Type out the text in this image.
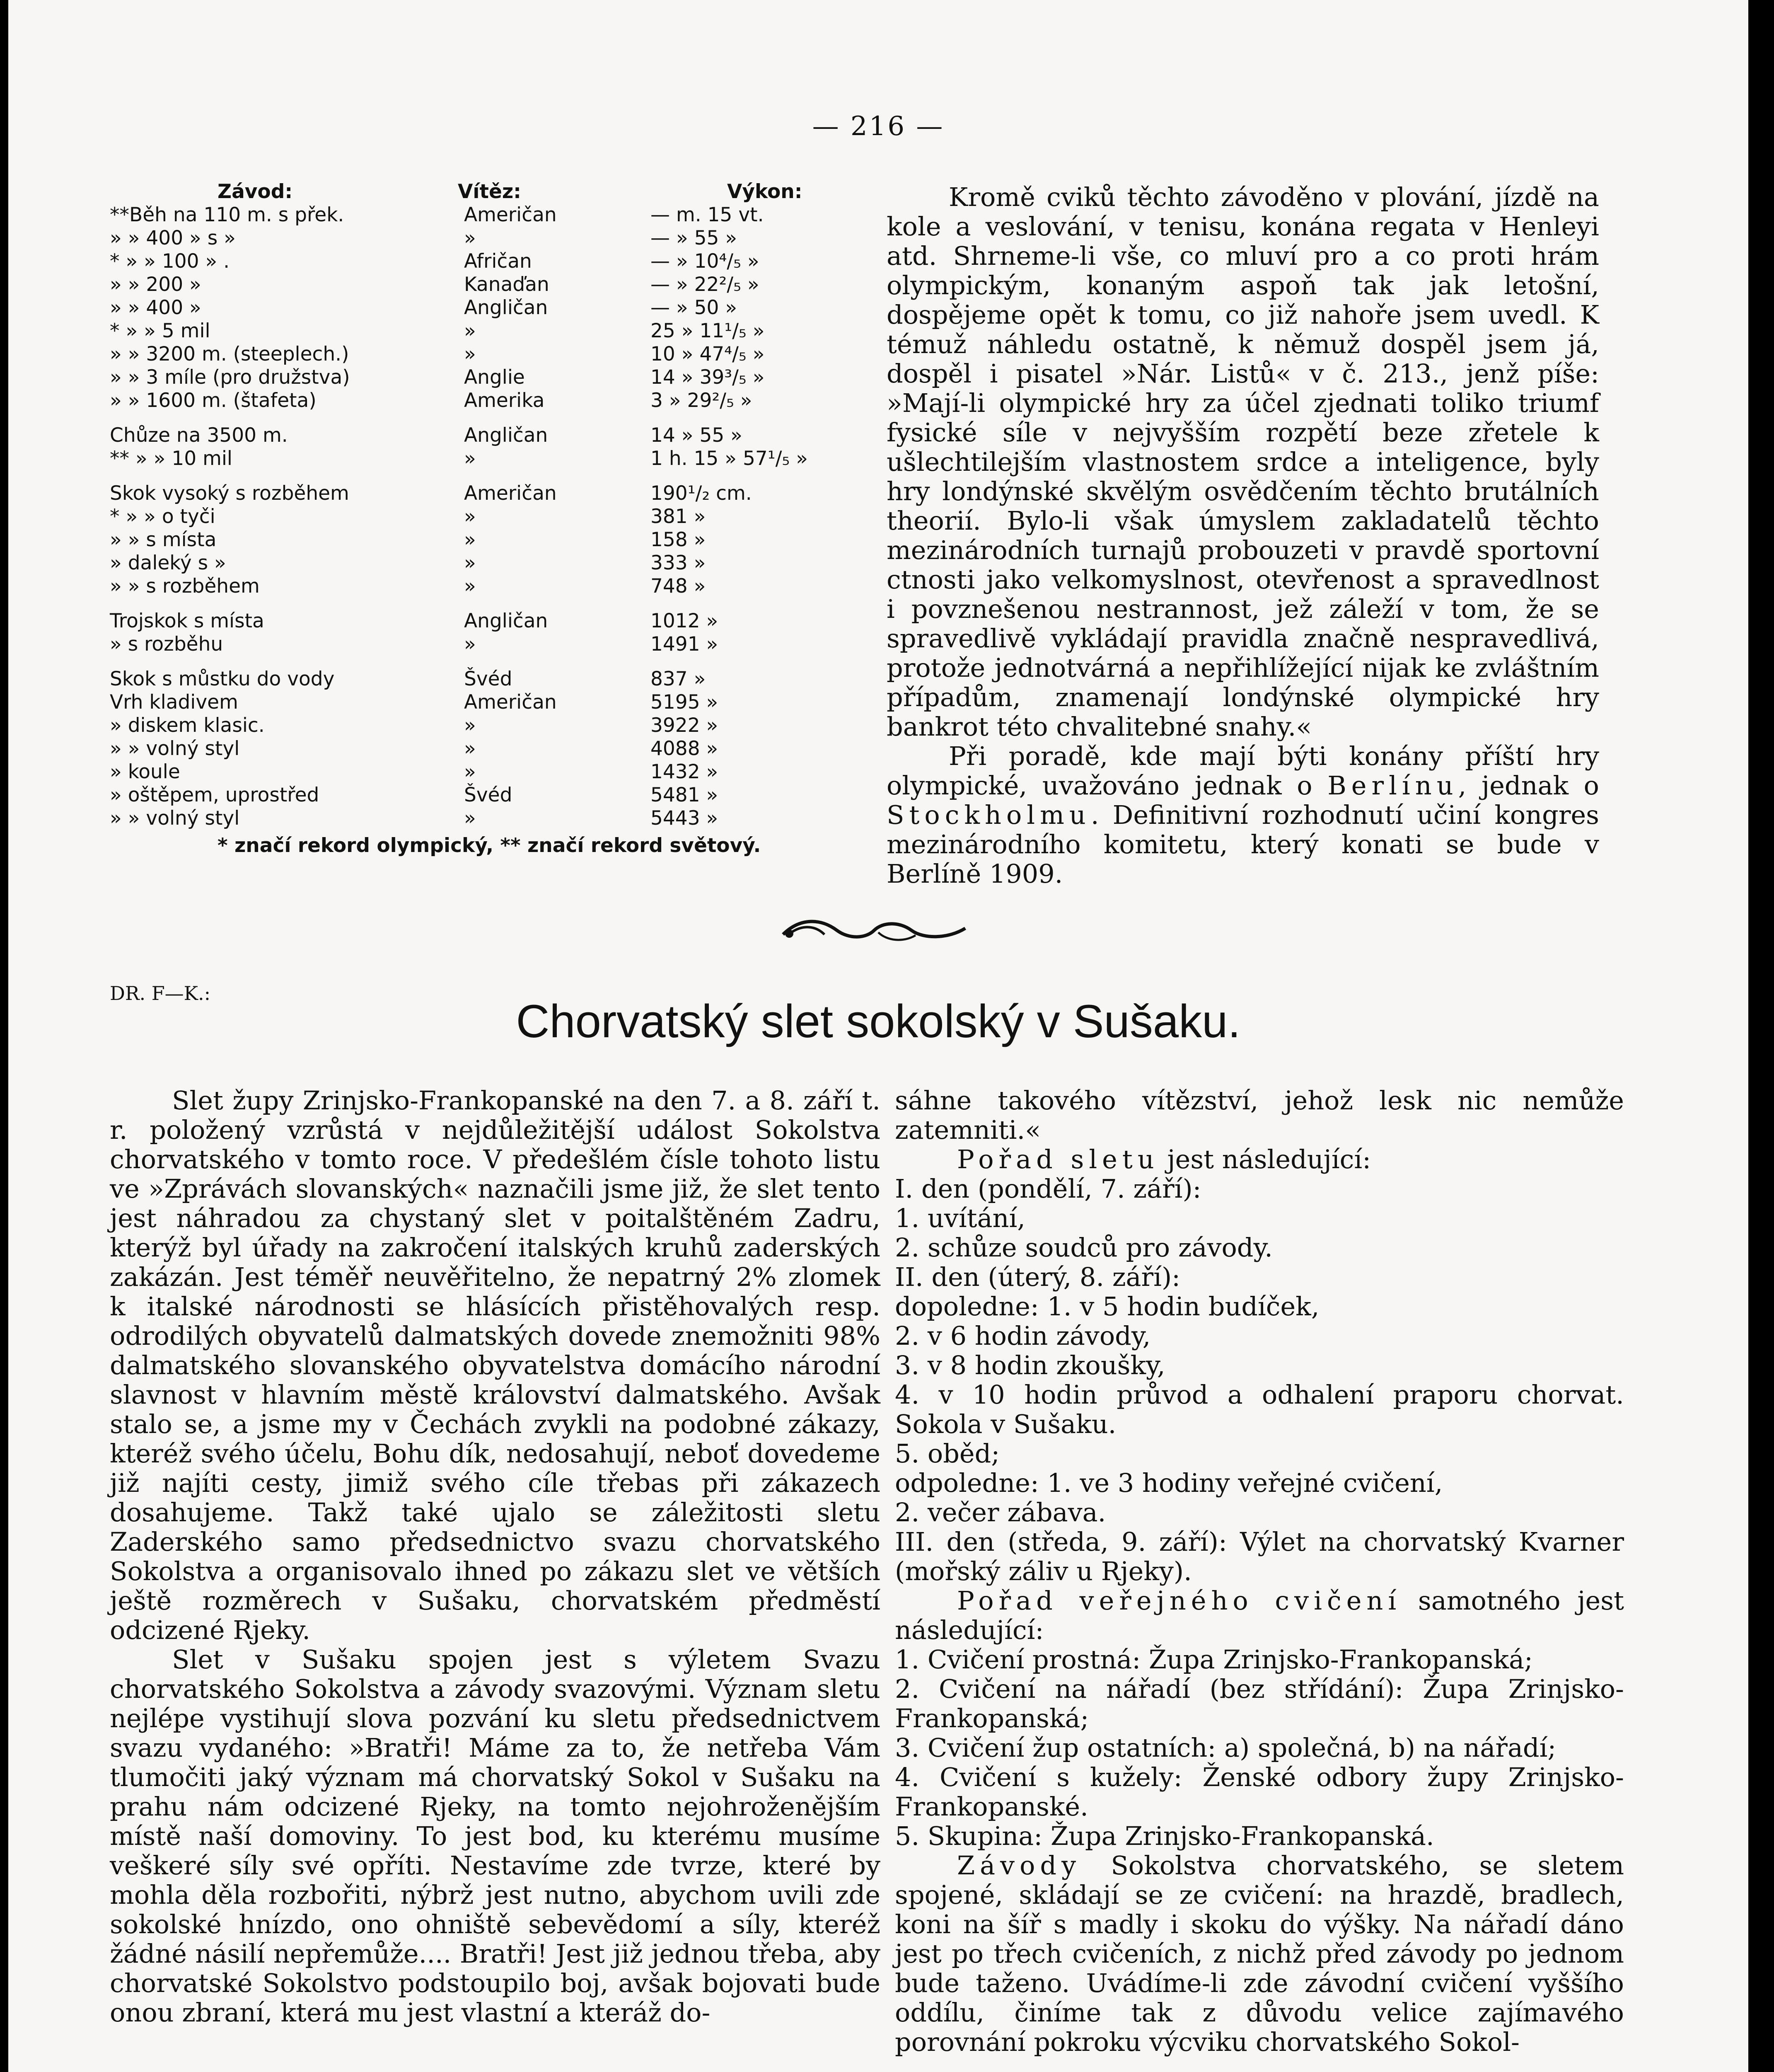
— 216 —
Závod:	Vítěz:	Výkon:
**Běh na 110 m. s přek.	Američan	— m. 15 vt.
» » 400 » s »	»	— » 55 »
* » » 100 » .	Afričan	— » 10⁴/₅ »
» » 200 »	Kanaďan	— » 22²/₅ »
» » 400 »	Angličan	— » 50 »
* » » 5 mil	»	25 » 11¹/₅ »
» » 3200 m. (steeplech.)	»	10 » 47⁴/₅ »
» » 3 míle (pro družstva)	Anglie	14 » 39³/₅ »
» » 1600 m. (štafeta)	Amerika	3 » 29²/₅ »
Chůze na 3500 m.	Angličan	14 » 55 »
** » » 10 mil	»	1 h. 15 » 57¹/₅ »
Skok vysoký s rozběhem	Američan	190¹/₂ cm.
* » » o tyči	»	381 »
» » s místa	»	158 »
» daleký s »	»	333 »
» » s rozběhem	»	748 »
Trojskok s místa	Angličan	1012 »
» s rozběhu	»	1491 »
Skok s můstku do vody	Švéd	837 »
Vrh kladivem	Američan	5195 »
» diskem klasic.	»	3922 »
» » volný styl	»	4088 »
» koule	»	1432 »
» oštěpem, uprostřed	Švéd	5481 »
» » volný styl	»	5443 »
* značí rekord olympický, ** značí rekord světový.

Kromě cviků těchto závoděno v plování, jízdě na kole a veslování, v tenisu, konána regata v Henleyi atd. Shrneme-li vše, co mluví pro a co proti hrám olympickým, konaným aspoň tak jak letošní, dospějeme opět k tomu, co již nahoře jsem uvedl. K témuž náhledu ostatně, k němuž dospěl jsem já, dospěl i pisatel »Nár. Listů« v č. 213., jenž píše: »Mají-li olympické hry za účel zjednati toliko triumf fysické síle v nejvyšším rozpětí beze zřetele k ušlechtilejším vlastnostem srdce a inteligence, byly hry londýnské skvělým osvědčením těchto brutálních theorií. Bylo-li však úmyslem zakladatelů těchto mezinárodních turnajů probouzeti v pravdě sportovní ctnosti jako velkomyslnost, otevřenost a spravedlnost i povznešenou nestrannost, jež záleží v tom, že se spravedlivě vykládají pravidla značně nespravedlivá, protože jednotvárná a nepřihlížející nijak ke zvláštním případům, znamenají londýnské olympické hry bankrot této chvalitebné snahy.«

Při poradě, kde mají býti konány příští hry olympické, uvažováno jednak o Berlínu, jednak o Stockholmu. Definitivní rozhodnutí učiní kongres mezinárodního komitetu, který konati se bude v Berlíně 1909.

DR. F—K.:
Chorvatský slet sokolský v Sušaku.

Slet župy Zrinjsko-Frankopanské na den 7. a 8. září t. r. položený vzrůstá v nejdůležitější událost Sokolstva chorvatského v tomto roce. V předešlém čísle tohoto listu ve »Zprávách slovanských« naznačili jsme již, že slet tento jest náhradou za chystaný slet v poitalštěném Zadru, kterýž byl úřady na zakročení italských kruhů zaderských zakázán. Jest téměř neuvěřitelno, že nepatrný 2% zlomek k italské národnosti se hlásících přistěhovalých resp. odrodilých obyvatelů dalmatských dovede znemožniti 98% dalmatského slovanského obyvatelstva domácího národní slavnost v hlavním městě království dalmatského. Avšak stalo se, a jsme my v Čechách zvykli na podobné zákazy, kteréž svého účelu, Bohu dík, nedosahují, neboť dovedeme již najíti cesty, jimiž svého cíle třebas při zákazech dosahujeme. Takž také ujalo se záležitosti sletu Zaderského samo předsednictvo svazu chorvatského Sokolstva a organisovalo ihned po zákazu slet ve větších ještě rozměrech v Sušaku, chorvatském předměstí odcizené Rjeky.

Slet v Sušaku spojen jest s výletem Svazu chorvatského Sokolstva a závody svazovými. Význam sletu nejlépe vystihují slova pozvání ku sletu předsednictvem svazu vydaného: »Bratři! Máme za to, že netřeba Vám tlumočiti jaký význam má chorvatský Sokol v Sušaku na prahu nám odcizené Rjeky, na tomto nejohroženějším místě naší domoviny. To jest bod, ku kterému musíme veškeré síly své opříti. Nestavíme zde tvrze, které by mohla děla rozbořiti, nýbrž jest nutno, abychom uvili zde sokolské hnízdo, ono ohniště sebevědomí a síly, kteréž žádné násilí nepřemůže.... Bratři! Jest již jednou třeba, aby chorvatské Sokolstvo podstoupilo boj, avšak bojovati bude onou zbraní, která mu jest vlastní a kteráž do-

sáhne takového vítězství, jehož lesk nic nemůže zatemniti.«

Pořad sletu jest následující:

I. den (pondělí, 7. září):
1. uvítání,
2. schůze soudců pro závody.
II. den (úterý, 8. září):
dopoledne: 1. v 5 hodin budíček,
2. v 6 hodin závody,
3. v 8 hodin zkoušky,
4. v 10 hodin průvod a odhalení praporu chorvat. Sokola v Sušaku.
5. oběd;
odpoledne: 1. ve 3 hodiny veřejné cvičení,
2. večer zábava.
III. den (středa, 9. září): Výlet na chorvatský Kvarner (mořský záliv u Rjeky).

Pořad veřejného cvičení samotného jest následující:

1. Cvičení prostná: Župa Zrinjsko-Frankopanská;
2. Cvičení na nářadí (bez střídání): Župa Zrinjsko-Frankopanská;
3. Cvičení žup ostatních: a) společná, b) na nářadí;
4. Cvičení s kužely: Ženské odbory župy Zrinjsko-Frankopanské.
5. Skupina: Župa Zrinjsko-Frankopanská.

Závody Sokolstva chorvatského, se sletem spojené, skládají se ze cvičení: na hrazdě, bradlech, koni na šíř s madly i skoku do výšky. Na nářadí dáno jest po třech cvičeních, z nichž před závody po jednom bude taženo. Uvádíme-li zde závodní cvičení vyššího oddílu, činíme tak z důvodu velice zajímavého porovnání pokroku výcviku chorvatského Sokol-
